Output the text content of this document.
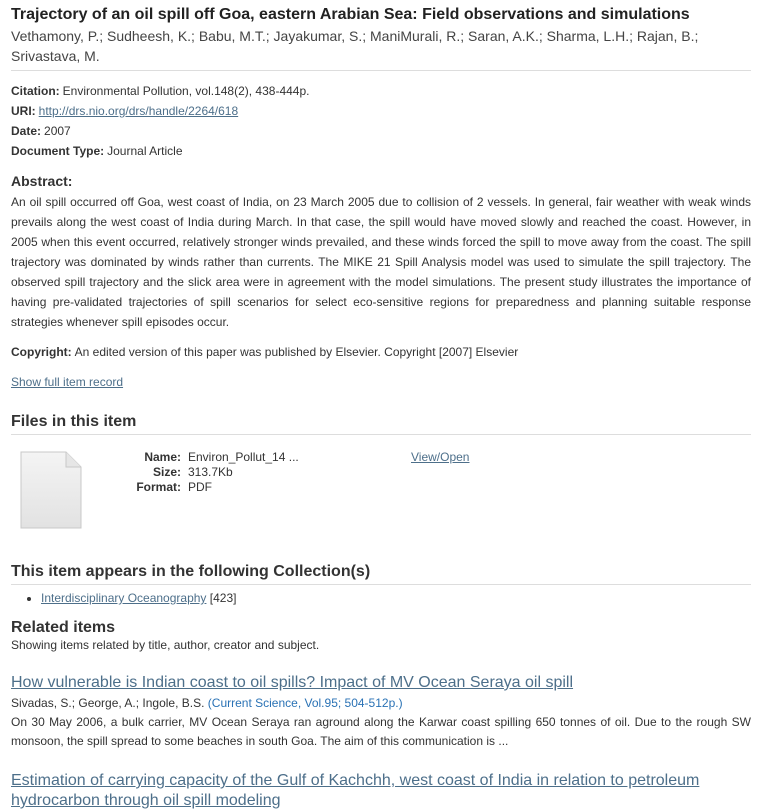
Trajectory of an oil spill off Goa, eastern Arabian Sea: Field observations and simulations
Vethamony, P.; Sudheesh, K.; Babu, M.T.; Jayakumar, S.; ManiMurali, R.; Saran, A.K.; Sharma, L.H.; Rajan, B.; Srivastava, M.
Citation: Environmental Pollution, vol.148(2), 438-444p.
URI: http://drs.nio.org/drs/handle/2264/618
Date: 2007
Document Type: Journal Article
Abstract:
An oil spill occurred off Goa, west coast of India, on 23 March 2005 due to collision of 2 vessels. In general, fair weather with weak winds prevails along the west coast of India during March. In that case, the spill would have moved slowly and reached the coast. However, in 2005 when this event occurred, relatively stronger winds prevailed, and these winds forced the spill to move away from the coast. The spill trajectory was dominated by winds rather than currents. The MIKE 21 Spill Analysis model was used to simulate the spill trajectory. The observed spill trajectory and the slick area were in agreement with the model simulations. The present study illustrates the importance of having pre-validated trajectories of spill scenarios for select eco-sensitive regions for preparedness and planning suitable response strategies whenever spill episodes occur.
Copyright: An edited version of this paper was published by Elsevier. Copyright [2007] Elsevier
Show full item record
Files in this item
Name: Environ_Pollut_14 ...
Size: 313.7Kb
Format: PDF
View/Open
This item appears in the following Collection(s)
• Interdisciplinary Oceanography [423]
Related items
Showing items related by title, author, creator and subject.
How vulnerable is Indian coast to oil spills? Impact of MV Ocean Seraya oil spill
Sivadas, S.; George, A.; Ingole, B.S. (Current Science, Vol.95; 504-512p.)
On 30 May 2006, a bulk carrier, MV Ocean Seraya ran aground along the Karwar coast spilling 650 tonnes of oil. Due to the rough SW monsoon, the spill spread to some beaches in south Goa. The aim of this communication is ...
Estimation of carrying capacity of the Gulf of Kachchh, west coast of India in relation to petroleum hydrocarbon through oil spill modeling
